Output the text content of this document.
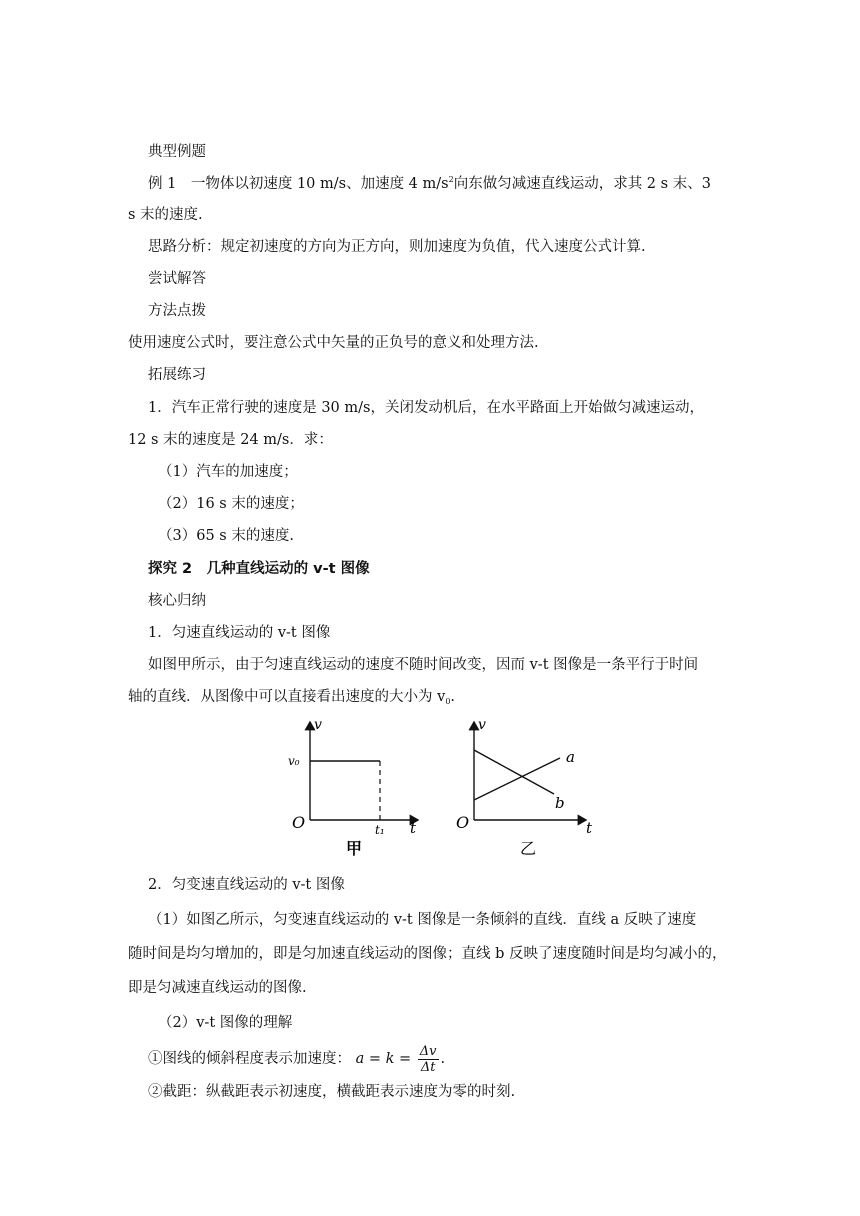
典型例题
例 1　一物体以初速度 10 m/s、加速度 4 $m/s^2$向东做匀减速直线运动，求其 2 s 末、3
s 末的速度.
思路分析：规定初速度的方向为正方向，则加速度为负值，代入速度公式计算.
尝试解答
方法点拨
使用速度公式时，要注意公式中矢量的正负号的意义和处理方法.
拓展练习
1．汽车正常行驶的速度是 30 m/s，关闭发动机后，在水平路面上开始做匀减速运动，
12 s 末的速度是 24 m/s．求：
（1）汽车的加速度；
（2）16 s 末的速度；
（3）65 s 末的速度.
探究 2　几种直线运动的 v-t 图像
核心归纳
1．匀速直线运动的 v-t 图像
如图甲所示，由于匀速直线运动的速度不随时间改变，因而 v-t 图像是一条平行于时间
轴的直线．从图像中可以直接看出速度的大小为 $v_0$.
v
t
O
v₀
t₁
甲
v
t
O
a
b
乙
2．匀变速直线运动的 v-t 图像
（1）如图乙所示，匀变速直线运动的 v-t 图像是一条倾斜的直线．直线 a 反映了速度
随时间是均匀增加的，即是匀加速直线运动的图像；直线 b 反映了速度随时间是均匀减小的，
即是匀减速直线运动的图像.
（2）v-t 图像的理解
①图线的倾斜程度表示加速度： $a = k = \frac{\Delta v}{\Delta t}$ .
②截距：纵截距表示初速度，横截距表示速度为零的时刻.
